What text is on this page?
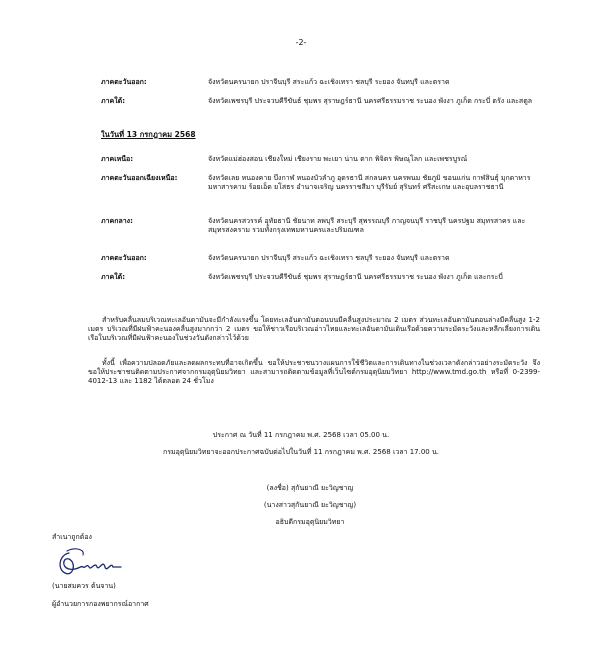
-2-
ภาคตะวันออก:	จังหวัดนครนายก ปราจีนบุรี สระแก้ว ฉะเชิงเทรา ชลบุรี ระยอง จันทบุรี และตราด
ภาคใต้:	จังหวัดเพชรบุรี ประจวบคีรีขันธ์ ชุมพร สุราษฎร์ธานี นครศรีธรรมราช ระนอง พังงา ภูเก็ต กระบี่ ตรัง และสตูล
ในวันที่ 13 กรกฎาคม 2568
ภาคเหนือ:	จังหวัดแม่ฮ่องสอน เชียงใหม่ เชียงราย พะเยา น่าน ตาก พิจิตร พิษณุโลก และเพชรบูรณ์
ภาคตะวันออกเฉียงเหนือ:	จังหวัดเลย หนองคาย บึงกาฬ หนองบัวลำภู อุดรธานี สกลนคร นครพนม ชัยภูมิ ขอนแก่น กาฬสินธุ์ มุกดาหาร มหาสารคาม ร้อยเอ็ด ยโสธร อำนาจเจริญ นครราชสีมา บุรีรัมย์ สุรินทร์ ศรีสะเกษ และอุบลราชธานี
ภาคกลาง:	จังหวัดนครสวรรค์ อุทัยธานี ชัยนาท ลพบุรี สระบุรี สุพรรณบุรี กาญจนบุรี ราชบุรี นครปฐม สมุทรสาคร และสมุทรสงคราม รวมทั้งกรุงเทพมหานครและปริมณฑล
ภาคตะวันออก:	จังหวัดนครนายก ปราจีนบุรี สระแก้ว ฉะเชิงเทรา ชลบุรี ระยอง จันทบุรี และตราด
ภาคใต้:	จังหวัดเพชรบุรี ประจวบคีรีขันธ์ ชุมพร สุราษฎร์ธานี นครศรีธรรมราช ระนอง พังงา ภูเก็ต และกระบี่
สำหรับคลื่นลมบริเวณทะเลอันดามันจะมีกำลังแรงขึ้น โดยทะเลอันดามันตอนบนมีคลื่นสูงประมาณ 2 เมตร ส่วนทะเลอันดามันตอนล่างมีคลื่นสูง 1-2 เมตร บริเวณที่มีฝนฟ้าคะนองคลื่นสูงมากกว่า 2 เมตร ขอให้ชาวเรือบริเวณอ่าวไทยและทะเลอันดามันเดินเรือด้วยความระมัดระวังและหลีกเลี่ยงการเดินเรือในบริเวณที่มีฝนฟ้าคะนองในช่วงวันดังกล่าวไว้ด้วย
ทั้งนี้ เพื่อความปลอดภัยและลดผลกระทบที่อาจเกิดขึ้น ขอให้ประชาชนวางแผนการใช้ชีวิตและการเดินทางในช่วงเวลาดังกล่าวอย่างระมัดระวัง จึงขอให้ประชาชนติดตามประกาศจากกรมอุตุนิยมวิทยา และสามารถติดตามข้อมูลที่เว็บไซต์กรมอุตุนิยมวิทยา http://www.tmd.go.th หรือที่ 0-2399-4012-13 และ 1182 ได้ตลอด 24 ชั่วโมง
ประกาศ ณ วันที่ 11 กรกฎาคม พ.ศ. 2568 เวลา 05.00 น.
กรมอุตุนิยมวิทยาจะออกประกาศฉบับต่อไปในวันที่ 11 กรกฎาคม พ.ศ. 2568 เวลา 17.00 น.
(ลงชื่อ) สุกันยาณี ยะวิญชาญ
(นางสาวสุกันยาณี ยะวิญชาญ)
อธิบดีกรมอุตุนิยมวิทยา
สำเนาถูกต้อง
(นายสมควร ต้นจาน)
ผู้อำนวยการกองพยากรณ์อากาศ
